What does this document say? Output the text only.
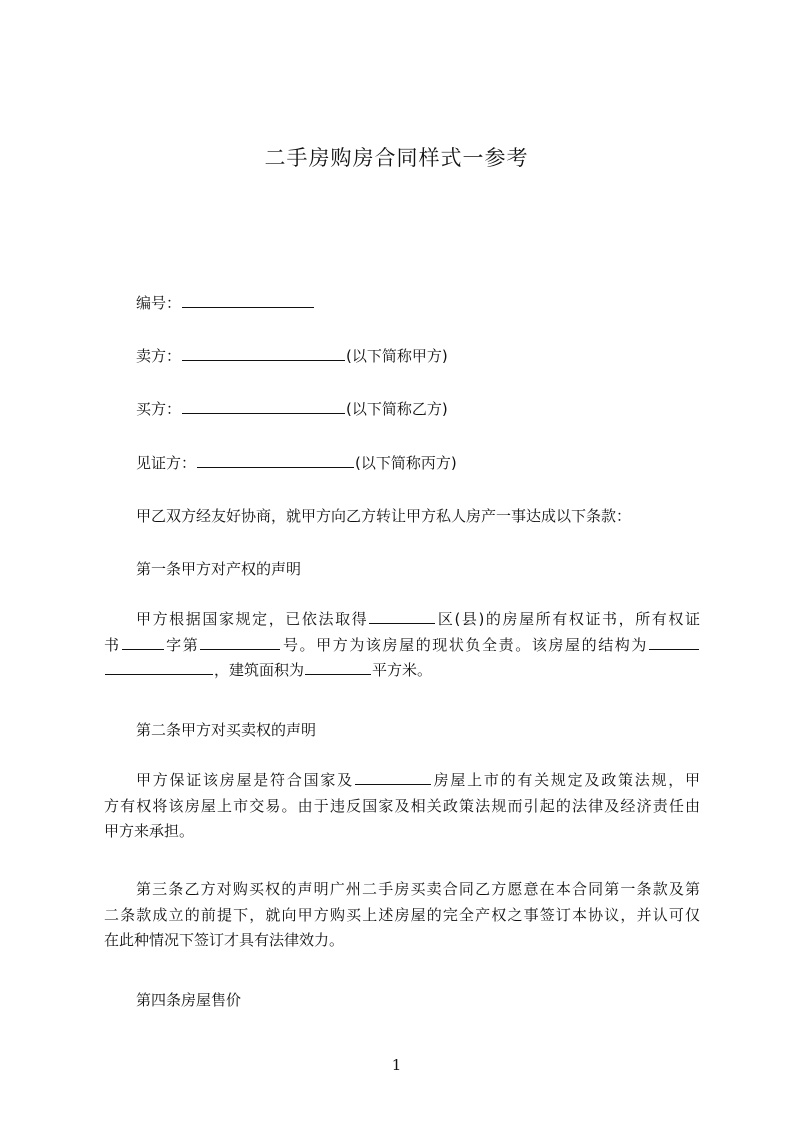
二手房购房合同样式一参考
编号：
卖方：	(以下简称甲方)
买方：	(以下简称乙方)
见证方：	(以下简称丙方)
甲乙双方经友好协商，就甲方向乙方转让甲方私人房产一事达成以下条款：
第一条甲方对产权的声明
甲方根据国家规定，已依法取得	区(县)的房屋所有权证书，所有权证
书	字第	号。甲方为该房屋的现状负全责。该房屋的结构为
，建筑面积为	平方米。
第二条甲方对买卖权的声明
甲方保证该房屋是符合国家及	房屋上市的有关规定及政策法规，甲
方有权将该房屋上市交易。由于违反国家及相关政策法规而引起的法律及经济责任由
甲方来承担。
第三条乙方对购买权的声明广州二手房买卖合同乙方愿意在本合同第一条款及第
二条款成立的前提下，就向甲方购买上述房屋的完全产权之事签订本协议，并认可仅
在此种情况下签订才具有法律效力。
第四条房屋售价
1
